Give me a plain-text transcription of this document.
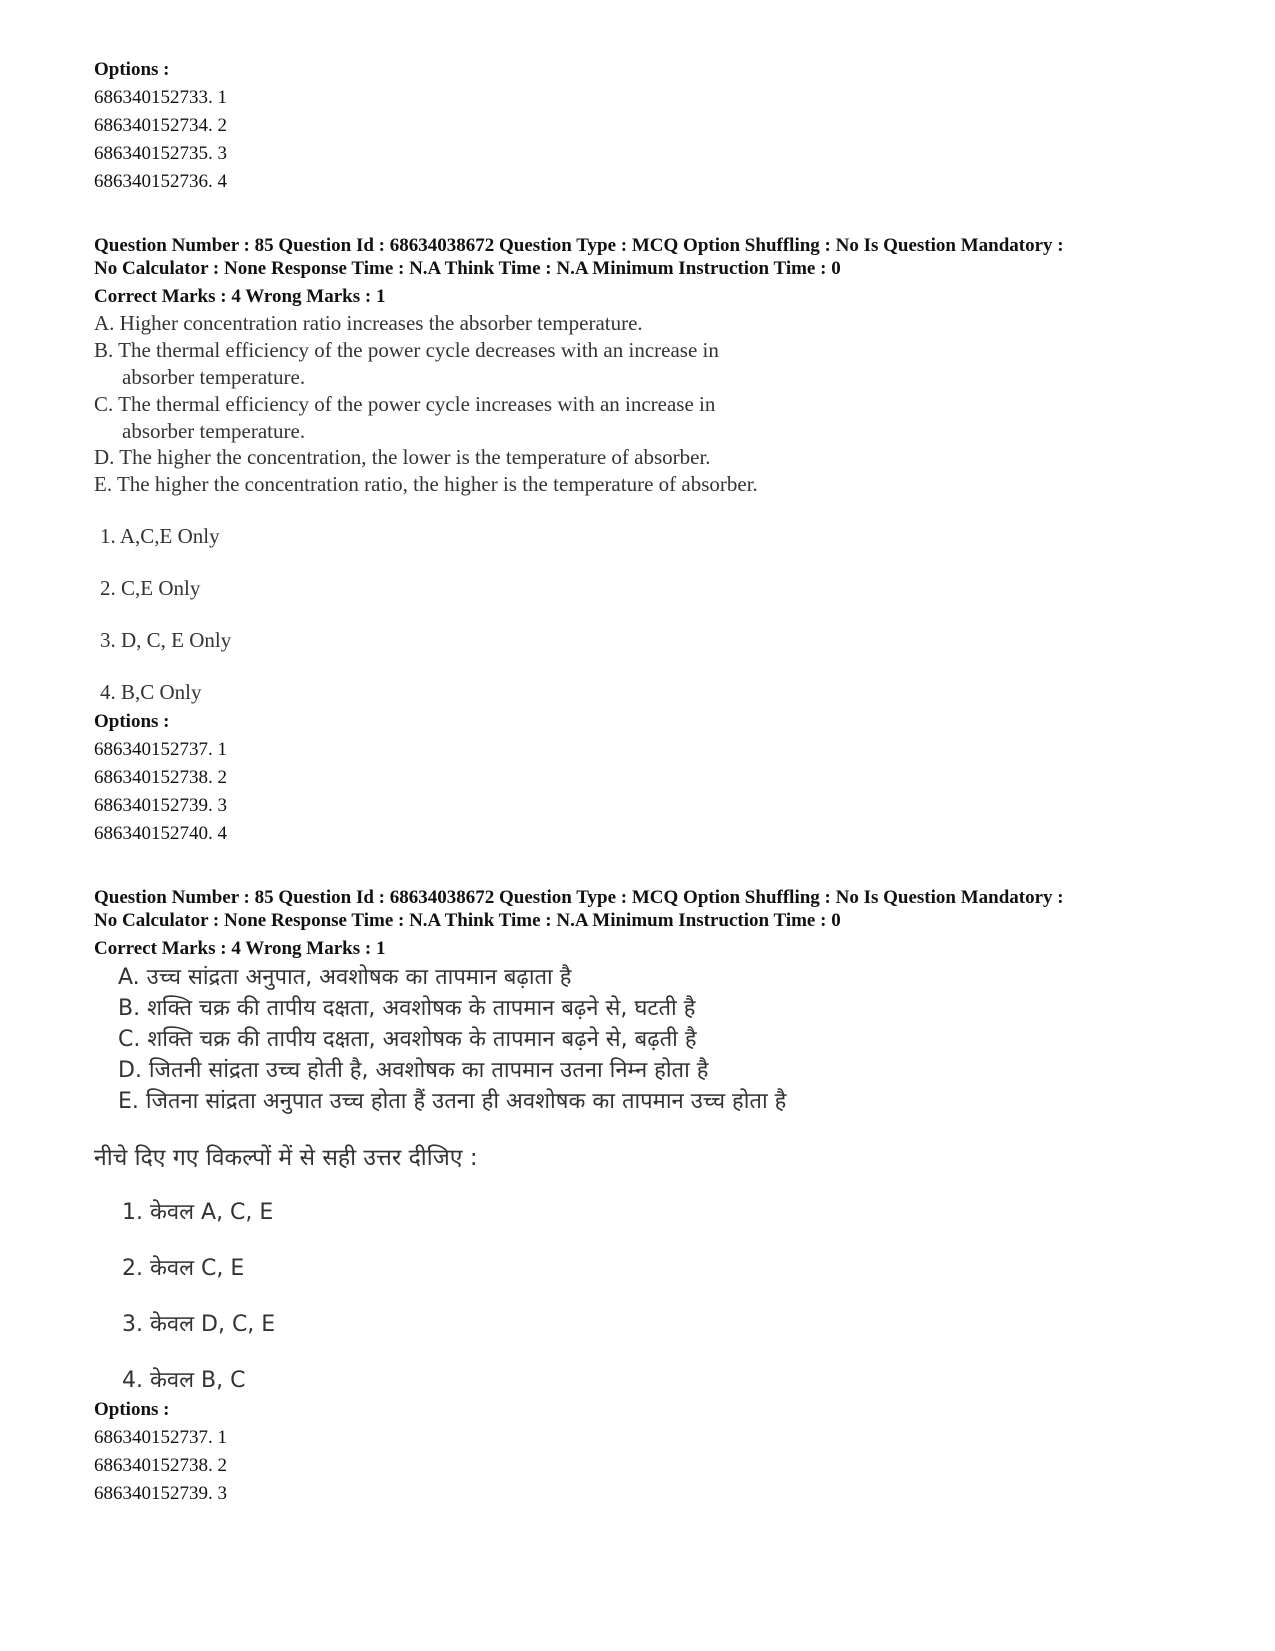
Options :
686340152733. 1
686340152734. 2
686340152735. 3
686340152736. 4
Question Number : 85 Question Id : 68634038672 Question Type : MCQ Option Shuffling : No Is Question Mandatory :
No Calculator : None Response Time : N.A Think Time : N.A Minimum Instruction Time : 0
Correct Marks : 4 Wrong Marks : 1
A. Higher concentration ratio increases the absorber temperature.
B. The thermal efficiency of the power cycle decreases with an increase in
absorber temperature.
C. The thermal efficiency of the power cycle increases with an increase in
absorber temperature.
D. The higher the concentration, the lower is the temperature of absorber.
E. The higher the concentration ratio, the higher is the temperature of absorber.
1. A,C,E Only
2. C,E Only
3. D, C, E Only
4. B,C Only
Options :
686340152737. 1
686340152738. 2
686340152739. 3
686340152740. 4
Question Number : 85 Question Id : 68634038672 Question Type : MCQ Option Shuffling : No Is Question Mandatory :
No Calculator : None Response Time : N.A Think Time : N.A Minimum Instruction Time : 0
Correct Marks : 4 Wrong Marks : 1
A. उच्च सांद्रता अनुपात, अवशोषक का तापमान बढ़ाता है
B. शक्ति चक्र की तापीय दक्षता, अवशोषक के तापमान बढ़ने से, घटती है
C. शक्ति चक्र की तापीय दक्षता, अवशोषक के तापमान बढ़ने से, बढ़ती है
D. जितनी सांद्रता उच्च होती है, अवशोषक का तापमान उतना निम्न होता है
E. जितना सांद्रता अनुपात उच्च होता हैं उतना ही अवशोषक का तापमान उच्च होता है
नीचे दिए गए विकल्पों में से सही उत्तर दीजिए :
1. केवल A, C, E
2. केवल C, E
3. केवल D, C, E
4. केवल B, C
Options :
686340152737. 1
686340152738. 2
686340152739. 3
